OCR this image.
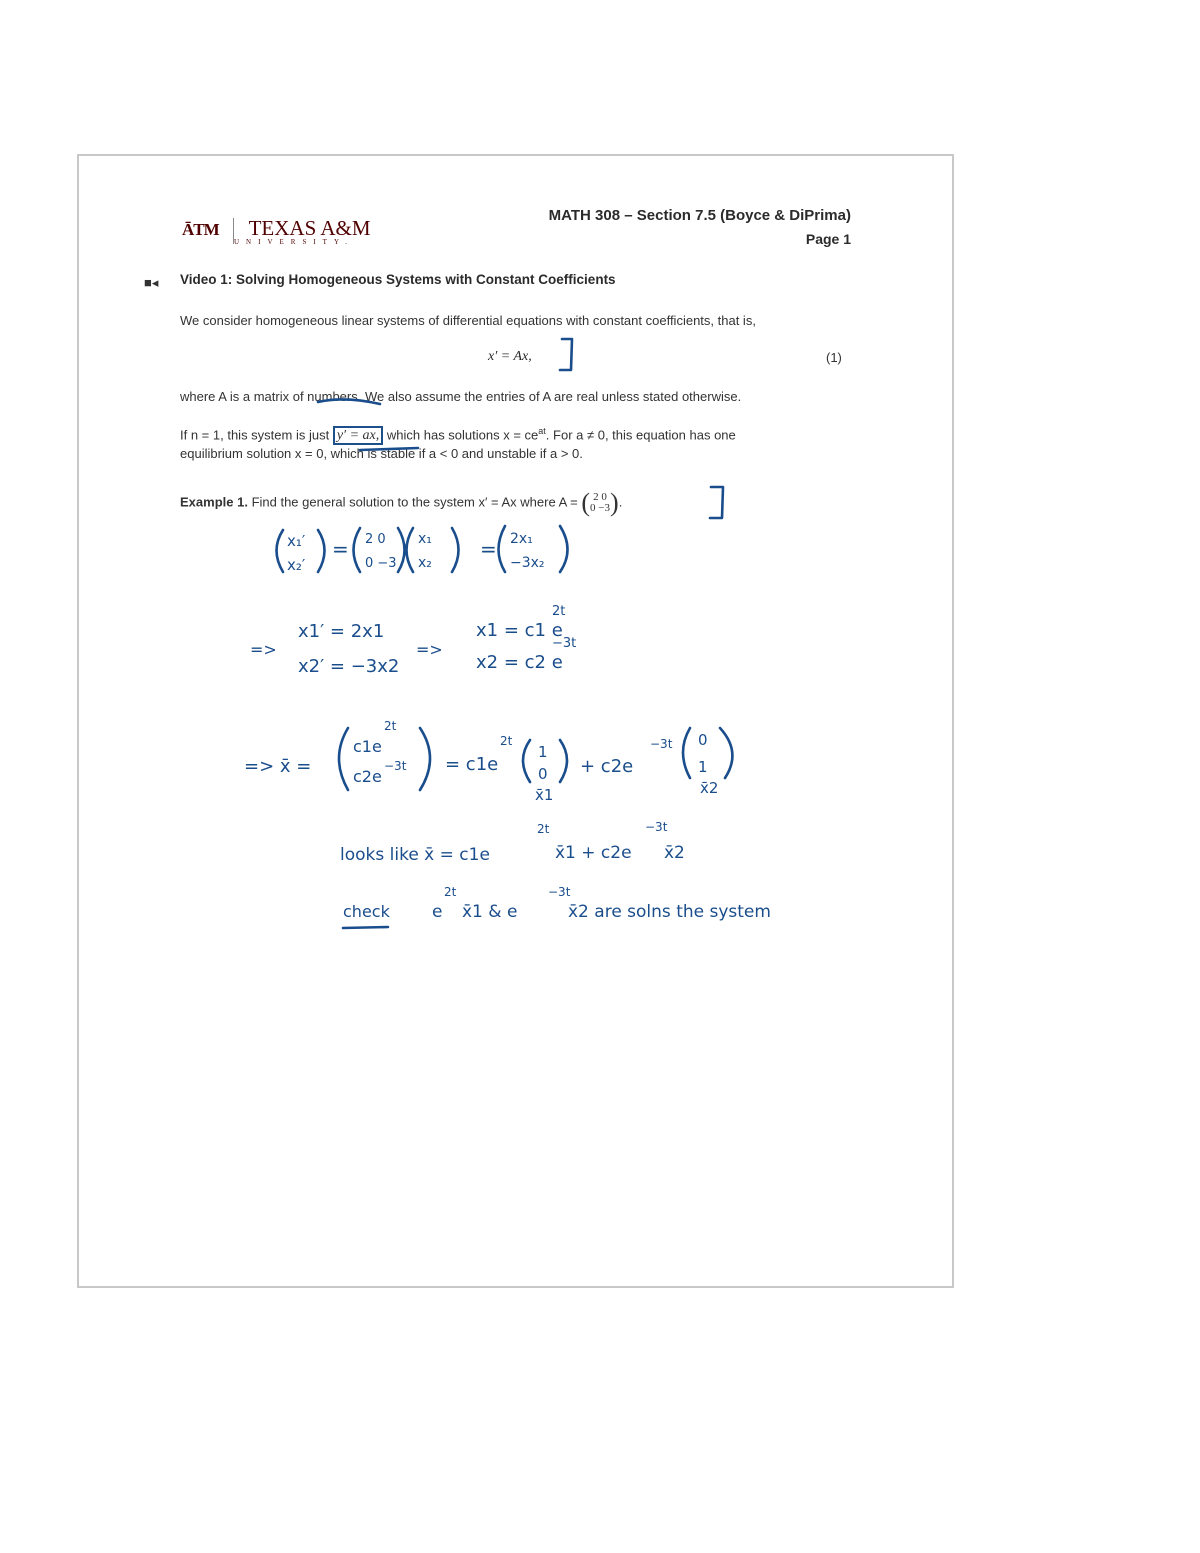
ĀTM TEXAS A&M
UNIVERSITY.
MATH 308 – Section 7.5 (Boyce & DiPrima)
Page 1
■◂ Video 1: Solving Homogeneous Systems with Constant Coefficients
We consider homogeneous linear systems of differential equations with constant coefficients, that is,
x′ = Ax,	(1)
where A is a matrix of numbers. We also assume the entries of A are real unless stated otherwise.
If n = 1, this system is just y′ = ax, which has solutions $x = ce^{at}$. For a ≠ 0, this equation has one
equilibrium solution x = 0, which is stable if a < 0 and unstable if a > 0.
Example 1. Find the general solution to the system x′ = Ax where A = ( 2 0
0 −3).
x₁′
x₂′
= 2 0
0 −3
x₁
x₂
= 2x₁
−3x₂
=>
x1′ = 2x1
x2′ = −3x2
=>
x1 = c1 e
2t
x2 = c2 e
−3t
=> x̄ =
c1e
2t
c2e
−3t = c1e
2t
1
0 + c2e
−3t 0
1
x̄1	x̄2
looks like x̄ = c1e
2t
x̄1 + c2e
−3t
x̄2
check e
2t
x̄1 & e
−3t
x̄2 are solns the system
